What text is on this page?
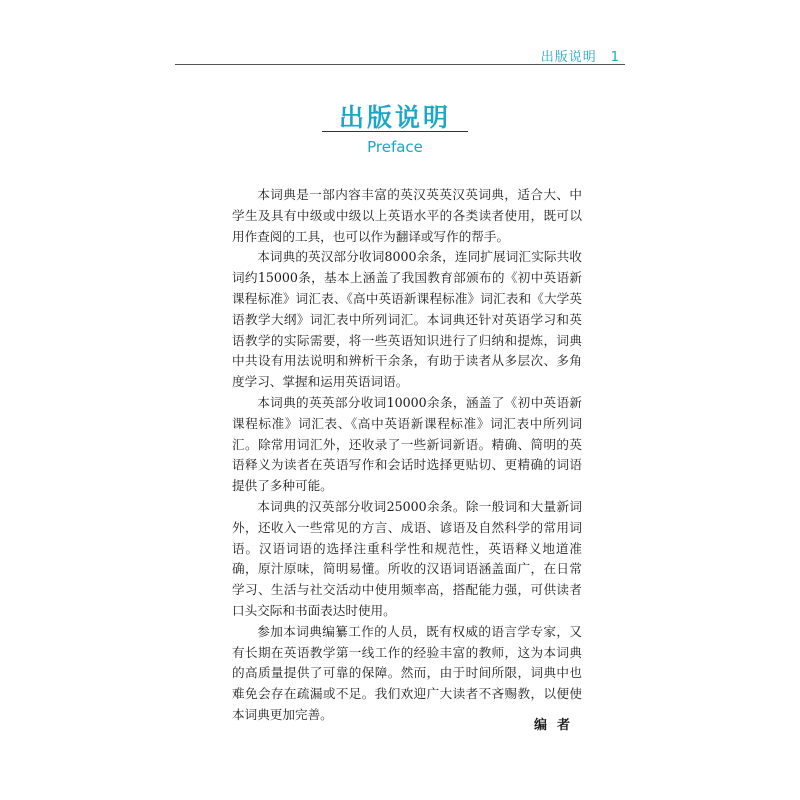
出版说明 1
出版说明
Preface

本词典是一部内容丰富的英汉英英汉英词典，适合大、中学生及具有中级或中级以上英语水平的各类读者使用，既可以用作查阅的工具，也可以作为翻译或写作的帮手。

本词典的英汉部分收词8000余条，连同扩展词汇实际共收词约15000条，基本上涵盖了我国教育部颁布的《初中英语新课程标准》词汇表、《高中英语新课程标准》词汇表和《大学英语教学大纲》词汇表中所列词汇。本词典还针对英语学习和英语教学的实际需要，将一些英语知识进行了归纳和提炼，词典中共设有用法说明和辨析干余条，有助于读者从多层次、多角度学习、掌握和运用英语词语。

本词典的英英部分收词10000余条，涵盖了《初中英语新课程标准》词汇表、《高中英语新课程标准》词汇表中所列词汇。除常用词汇外，还收录了一些新词新语。精确、简明的英语释义为读者在英语写作和会话时选择更贴切、更精确的词语提供了多种可能。

本词典的汉英部分收词25000余条。除一般词和大量新词外，还收入一些常见的方言、成语、谚语及自然科学的常用词语。汉语词语的选择注重科学性和规范性，英语释义地道准确，原汁原味，简明易懂。所收的汉语词语涵盖面广，在日常学习、生活与社交活动中使用频率高，搭配能力强，可供读者口头交际和书面表达时使用。

参加本词典编纂工作的人员，既有权威的语言学专家，又有长期在英语教学第一线工作的经验丰富的教师，这为本词典的高质量提供了可靠的保障。然而，由于时间所限，词典中也难免会存在疏漏或不足。我们欢迎广大读者不吝赐教，以便使本词典更加完善。

编者
